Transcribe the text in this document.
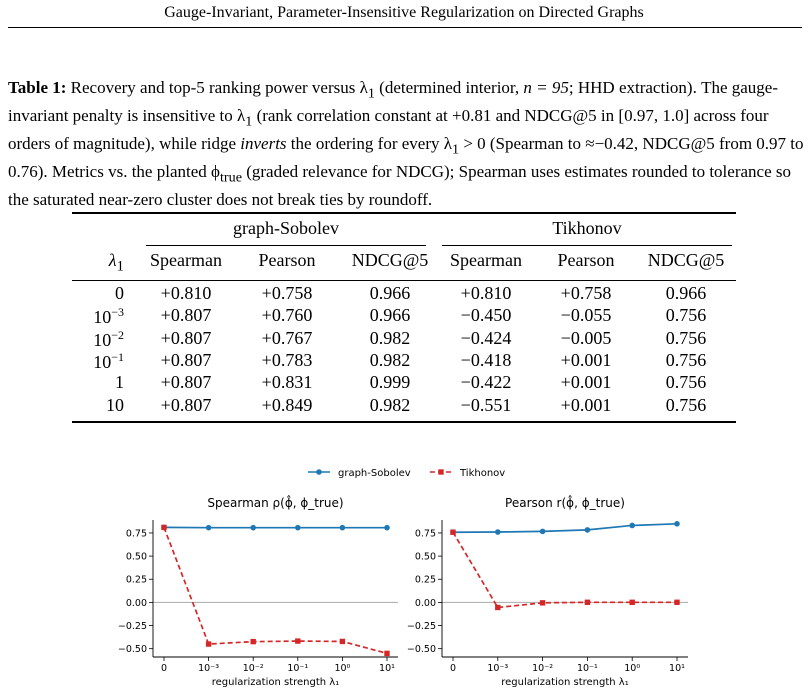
Gauge-Invariant, Parameter-Insensitive Regularization on Directed Graphs
Table 1: Recovery and top-5 ranking power versus $\lambda_1$ (determined interior, n = 95; HHD extraction). The gauge-invariant penalty is insensitive to $\lambda_1$ (rank correlation constant at +0.81 and NDCG@5 in [0.97, 1.0] across four orders of magnitude), while ridge inverts the ordering for every $\lambda_1 > 0$ (Spearman to ≈−0.42, NDCG@5 from 0.97 to 0.76). Metrics vs. the planted $\phi_{true}$ (graded relevance for NDCG); Spearman uses estimates rounded to tolerance so the saturated near-zero cluster does not break ties by roundoff.
graph-Sobolev	Tikhonov
$\lambda_1$	Spearman	Pearson	NDCG@5	Spearman	Pearson	NDCG@5
0	+0.810	+0.758	0.966	+0.810	+0.758	0.966
$10^{-3}$	+0.807	+0.760	0.966	−0.450	−0.055	0.756
$10^{-2}$	+0.807	+0.767	0.982	−0.424	−0.005	0.756
$10^{-1}$	+0.807	+0.783	0.982	−0.418	+0.001	0.756
1	+0.807	+0.831	0.999	−0.422	+0.001	0.756
10	+0.807	+0.849	0.982	−0.551	+0.001	0.756
graph-Sobolev	Tikhonov
Spearman ρ(ϕ̂, ϕ_true)
−0.50
−0.25
0.00
0.25
0.50
0.75
0	10⁻³ 10⁻² 10⁻¹	10⁰	10¹
regularization strength λ₁
Pearson r(ϕ̂, ϕ_true)
−0.50
−0.25
0.00
0.25
0.50
0.75
0	10⁻³	10⁻²	10⁻¹	10⁰	10¹
regularization strength λ₁
